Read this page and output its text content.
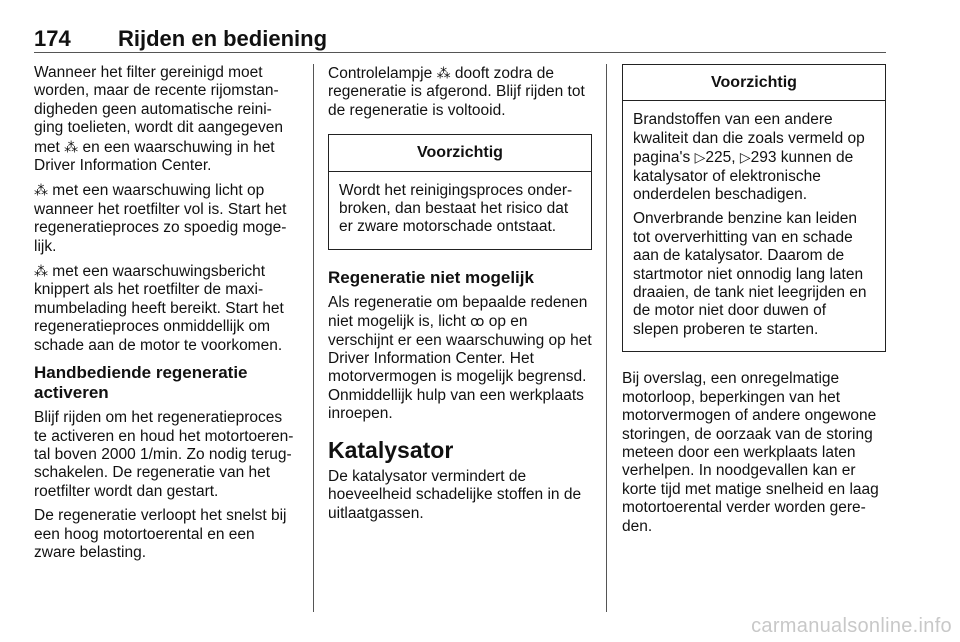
174 Rijden en bediening

Wanneer het filter gereinigd moet worden, maar de recente rijomstan- digheden geen automatische reini- ging toelieten, wordt dit aangegeven met ⁂ en een waarschuwing in het Driver Information Center.

⁂ met een waarschuwing licht op wanneer het roetfilter vol is. Start het regeneratieproces zo spoedig moge-lijk.

⁂ met een waarschuwingsbericht knippert als het roetfilter de maxi-mumbelading heeft bereikt. Start het regeneratieproces onmiddellijk om schade aan de motor te voorkomen.

Handbediende regeneratie activeren

Blijf rijden om het regeneratieproces te activeren en houd het motortoeren-tal boven 2000 1/min. Zo nodig terug-schakelen. De regeneratie van het roetfilter wordt dan gestart.

De regeneratie verloopt het snelst bij een hoog motortoerental en een zware belasting.

Controlelampje ⁂ dooft zodra de regeneratie is afgerond. Blijf rijden tot de regeneratie is voltooid.

Voorzichtig

Wordt het reinigingsproces onder-broken, dan bestaat het risico dat er zware motorschade ontstaat.

Regeneratie niet mogelijk

Als regeneratie om bepaalde redenen niet mogelijk is, licht ꝏ op en verschijnt er een waarschuwing op het Driver Information Center. Het motorvermogen is mogelijk begrensd. Onmiddellijk hulp van een werkplaats inroepen.

Katalysator

De katalysator vermindert de hoeveelheid schadelijke stoffen in de uitlaatgassen.

Voorzichtig

Brandstoffen van een andere kwaliteit dan die zoals vermeld op pagina's ▷225, ▷293 kunnen de katalysator of elektronische onderdelen beschadigen.

Onverbrande benzine kan leiden tot oververhitting van en schade aan de katalysator. Daarom de startmotor niet onnodig lang laten draaien, de tank niet leegrijden en de motor niet door duwen of slepen proberen te starten.

Bij overslag, een onregelmatige motorloop, beperkingen van het motorvermogen of andere ongewone storingen, de oorzaak van de storing meteen door een werkplaats laten verhelpen. In noodgevallen kan er korte tijd met matige snelheid en laag motortoerental verder worden gere-den.

carmanualsonline.info
